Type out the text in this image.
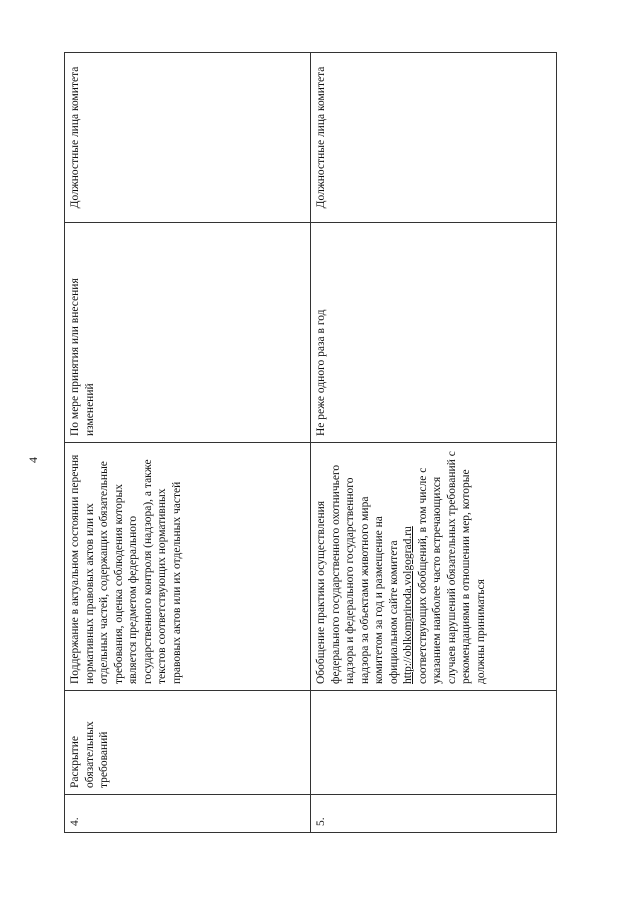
4
4.	Раскрытие обязательных требований	Поддержание в актуальном состоянии перечня нормативных правовых актов или их отдельных частей, содержащих обязательные требования, оценка соблюдения которых является предметом федерального государственного контроля (надзора), а также текстов соответствующих нормативных правовых актов или их отдельных частей	По мере принятия или внесения изменений	Должностные лица комитета
5.		Обобщение практики осуществления федерального государственного охотничьего надзора и федерального государственного надзора за объектами животного мира комитетом за год и размещение на официальном сайте комитета http://oblkompriroda.volgograd.ru соответствующих обобщений, в том числе с указанием наиболее часто встречающихся случаев нарушений обязательных требований с рекомендациями в отношении мер, которые должны приниматься	Не реже одного раза в год	Должностные лица комитета
